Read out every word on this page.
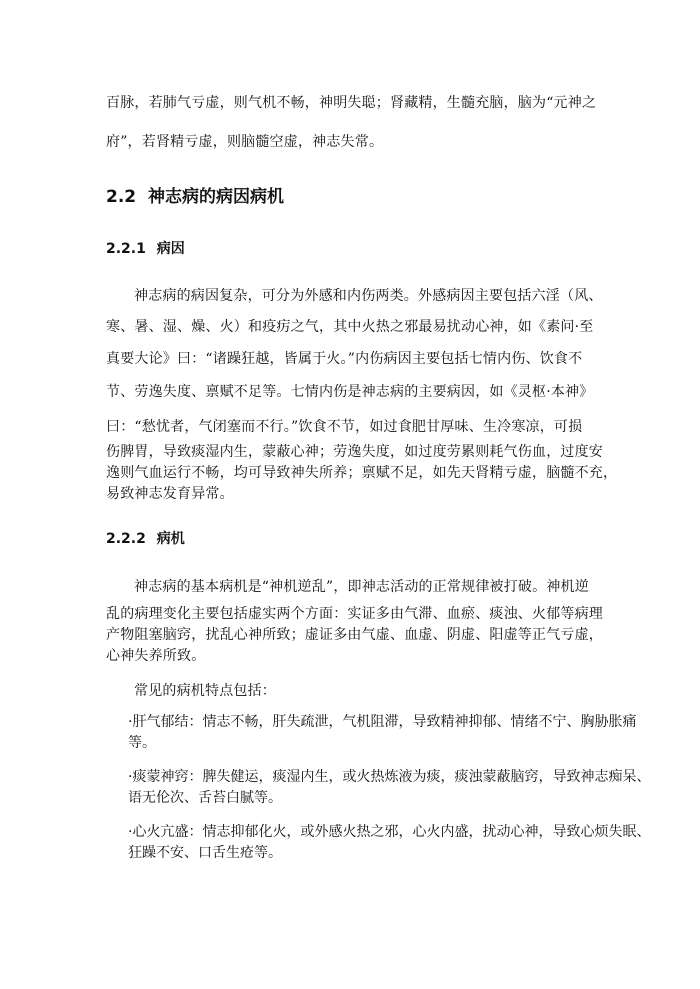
百脉，若肺气亏虚，则气机不畅，神明失聪；肾藏精，生髓充脑，脑为“元神之
府”，若肾精亏虚，则脑髓空虚，神志失常。
2.2 神志病的病因病机
2.2.1 病因
神志病的病因复杂，可分为外感和内伤两类。外感病因主要包括六淫（风、
寒、暑、湿、燥、火）和疫疠之气，其中火热之邪最易扰动心神，如《素问·至
真要大论》曰：“诸躁狂越，皆属于火。”内伤病因主要包括七情内伤、饮食不
节、劳逸失度、禀赋不足等。七情内伤是神志病的主要病因，如《灵枢·本神》
曰：“愁忧者，气闭塞而不行。”饮食不节，如过食肥甘厚味、生冷寒凉，可损
伤脾胃，导致痰湿内生，蒙蔽心神；劳逸失度，如过度劳累则耗气伤血，过度安
逸则气血运行不畅，均可导致神失所养；禀赋不足，如先天肾精亏虚，脑髓不充，
易致神志发育异常。
2.2.2 病机
神志病的基本病机是“神机逆乱”，即神志活动的正常规律被打破。神机逆
乱的病理变化主要包括虚实两个方面：实证多由气滞、血瘀、痰浊、火郁等病理
产物阻塞脑窍，扰乱心神所致；虚证多由气虚、血虚、阴虚、阳虚等正气亏虚，
心神失养所致。
常见的病机特点包括：
·肝气郁结：情志不畅，肝失疏泄，气机阻滞，导致精神抑郁、情绪不宁、胸胁胀痛
等。
·痰蒙神窍：脾失健运，痰湿内生，或火热炼液为痰，痰浊蒙蔽脑窍，导致神志痴呆、
语无伦次、舌苔白腻等。
·心火亢盛：情志抑郁化火，或外感火热之邪，心火内盛，扰动心神，导致心烦失眠、
狂躁不安、口舌生疮等。
